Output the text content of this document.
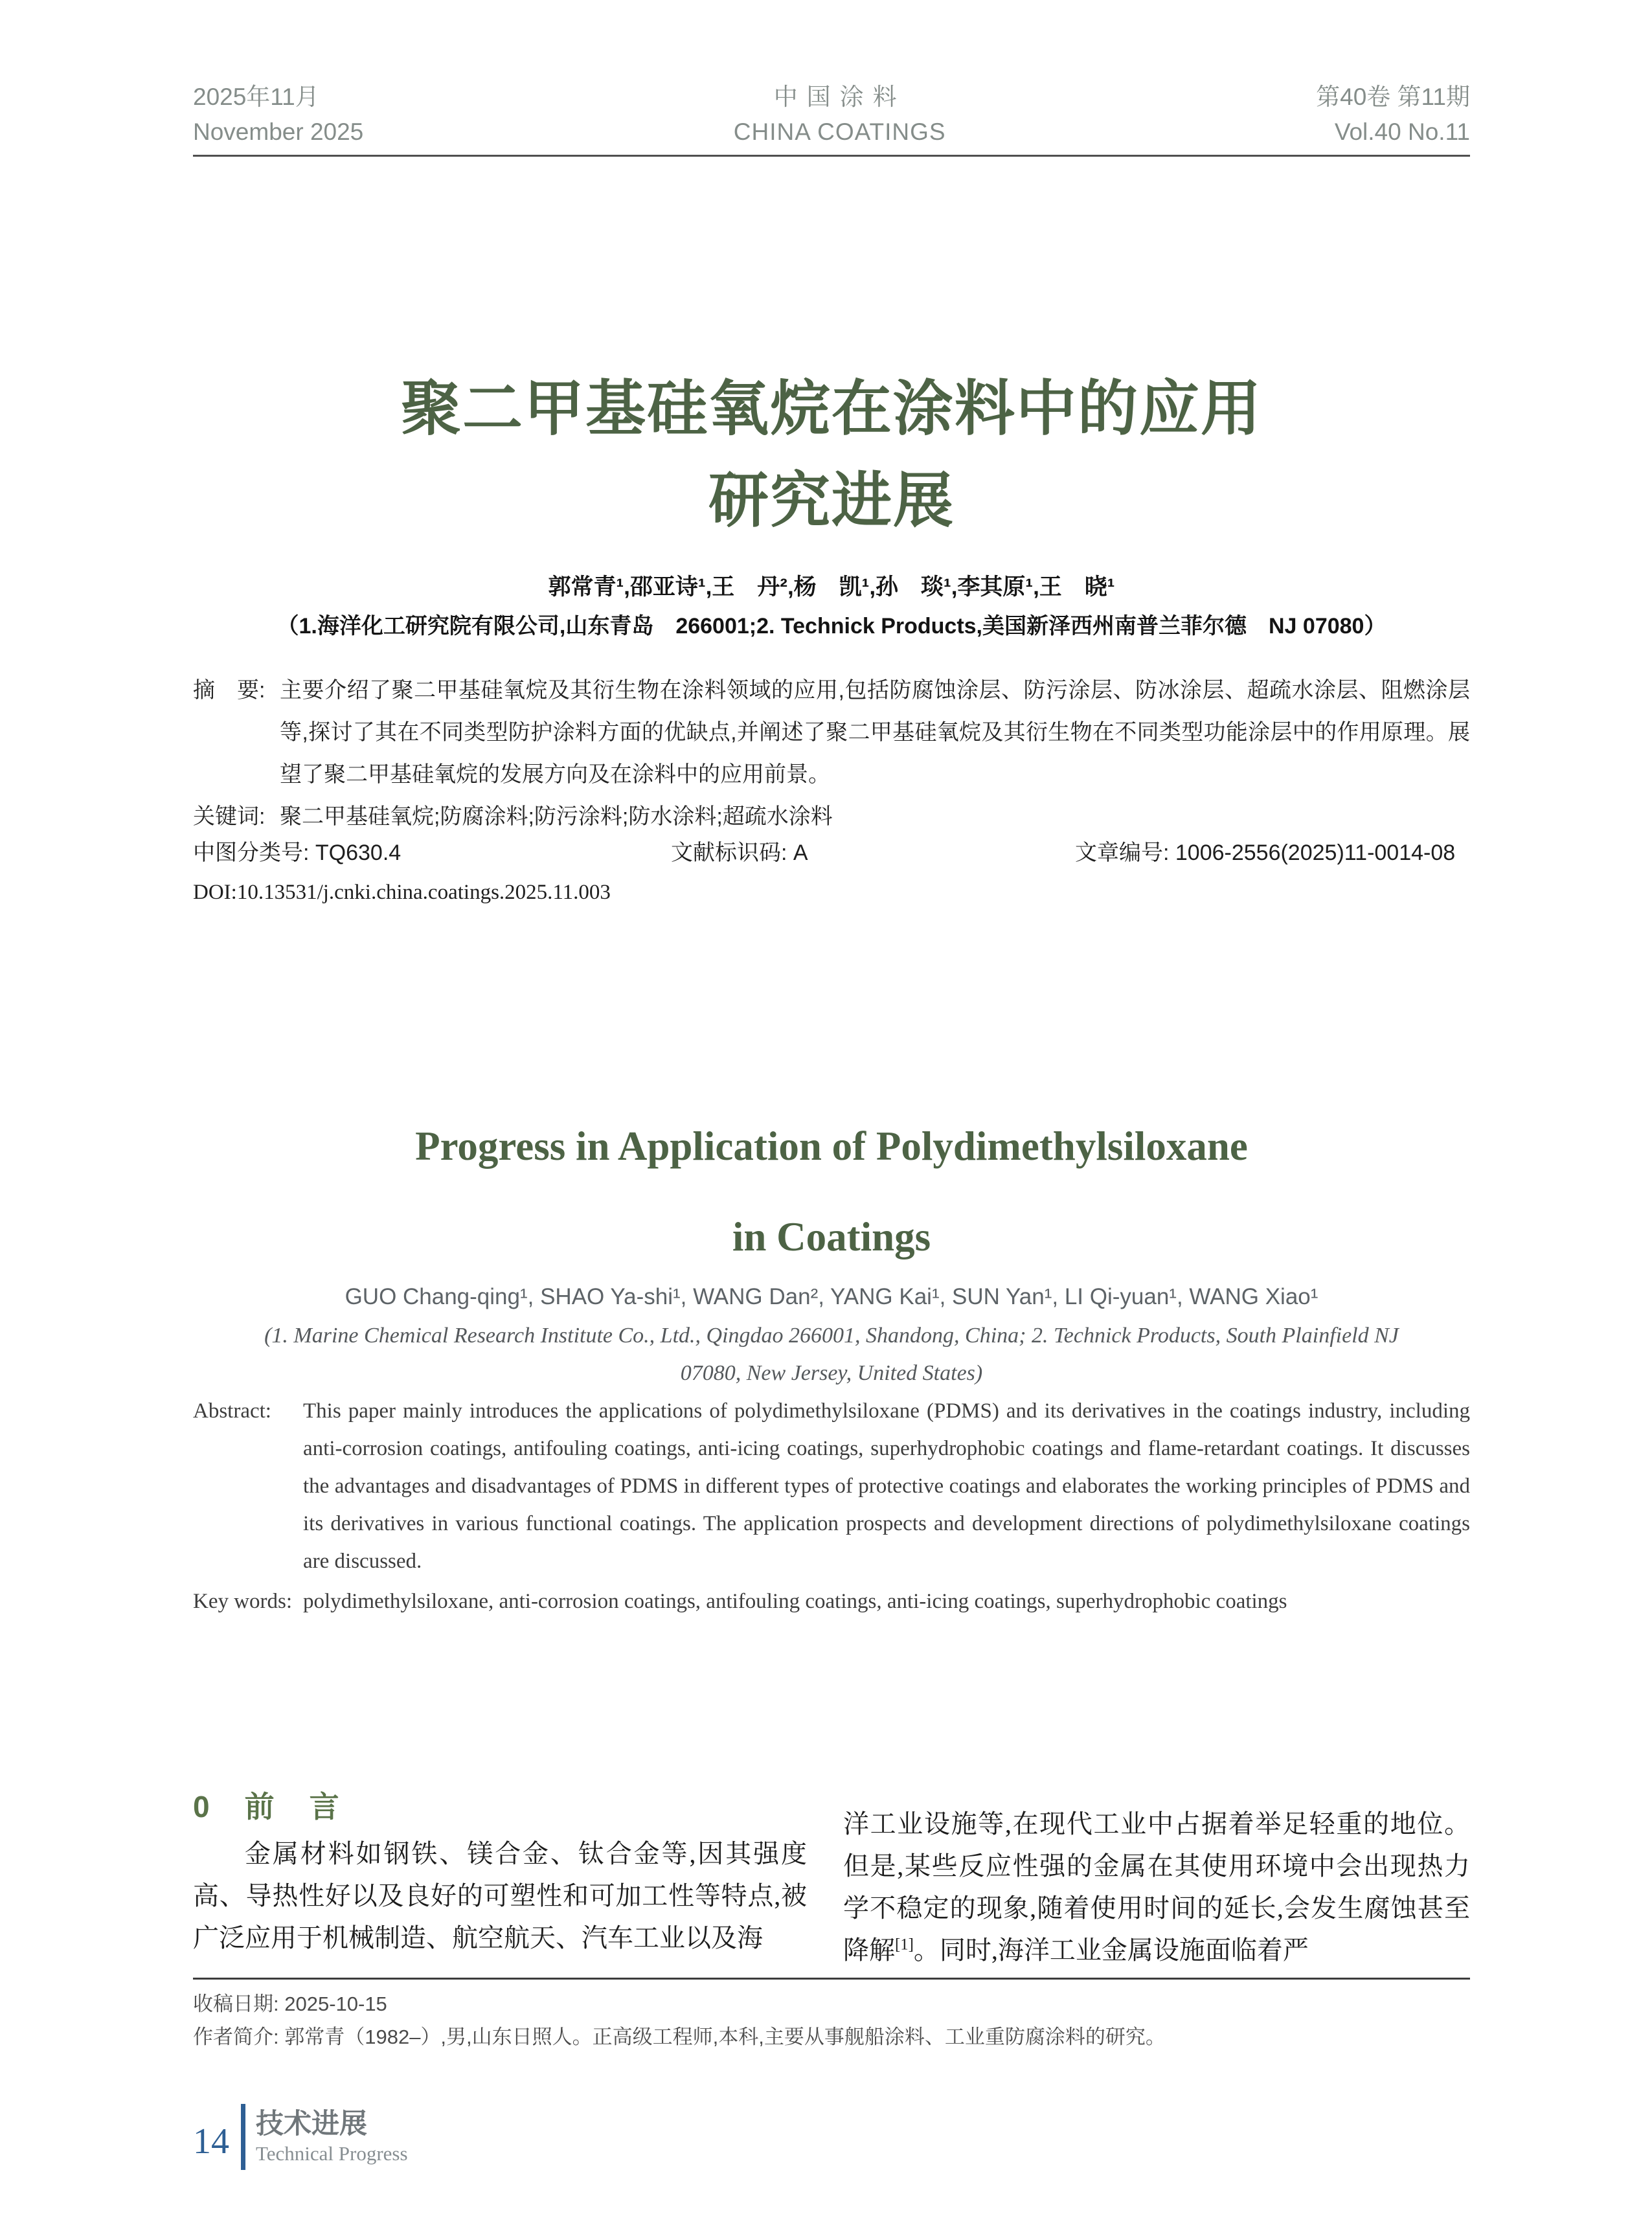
2025年11月
November 2025
中国涂料
CHINA COATINGS
第40卷 第11期
Vol.40 No.11
聚二甲基硅氧烷在涂料中的应用
研究进展
郭常青¹,邵亚诗¹,王　丹²,杨　凯¹,孙　琰¹,李其原¹,王　晓¹
（1.海洋化工研究院有限公司,山东青岛　266001;2. Technick Products,美国新泽西州南普兰菲尔德　NJ 07080）
摘　要: 主要介绍了聚二甲基硅氧烷及其衍生物在涂料领域的应用,包括防腐蚀涂层、防污涂层、防冰涂层、超疏水涂层、阻燃涂层等,探讨了其在不同类型防护涂料方面的优缺点,并阐述了聚二甲基硅氧烷及其衍生物在不同类型功能涂层中的作用原理。展望了聚二甲基硅氧烷的发展方向及在涂料中的应用前景。
关键词: 聚二甲基硅氧烷;防腐涂料;防污涂料;防水涂料;超疏水涂料
中图分类号: TQ630.4	文献标识码: A	文章编号: 1006-2556(2025)11-0014-08
DOI:10.13531/j.cnki.china.coatings.2025.11.003
Progress in Application of Polydimethylsiloxane
in Coatings
GUO Chang-qing¹, SHAO Ya-shi¹, WANG Dan², YANG Kai¹, SUN Yan¹, LI Qi-yuan¹, WANG Xiao¹
(1. Marine Chemical Research Institute Co., Ltd., Qingdao 266001, Shandong, China; 2. Technick Products, South Plainfield NJ
07080, New Jersey, United States)
Abstract:	This paper mainly introduces the applications of polydimethylsiloxane (PDMS) and its derivatives in the coatings industry, including anti-corrosion coatings, antifouling coatings, anti-icing coatings, superhydrophobic coatings and flame-retardant coatings. It discusses the advantages and disadvantages of PDMS in different types of protective coatings and elaborates the working principles of PDMS and its derivatives in various functional coatings. The application prospects and development directions of polydimethylsiloxane coatings are discussed.
Key words: polydimethylsiloxane, anti-corrosion coatings, antifouling coatings, anti-icing coatings, superhydrophobic coatings
0　前　言

金属材料如钢铁、镁合金、钛合金等,因其强度高、导热性好以及良好的可塑性和可加工性等特点,被广泛应用于机械制造、航空航天、汽车工业以及海

洋工业设施等,在现代工业中占据着举足轻重的地位。但是,某些反应性强的金属在其使用环境中会出现热力学不稳定的现象,随着使用时间的延长,会发生腐蚀甚至降解[1]。同时,海洋工业金属设施面临着严

收稿日期: 2025-10-15
作者简介: 郭常青（1982–）,男,山东日照人。正高级工程师,本科,主要从事舰船涂料、工业重防腐涂料的研究。
14 技术进展
Technical Progress
